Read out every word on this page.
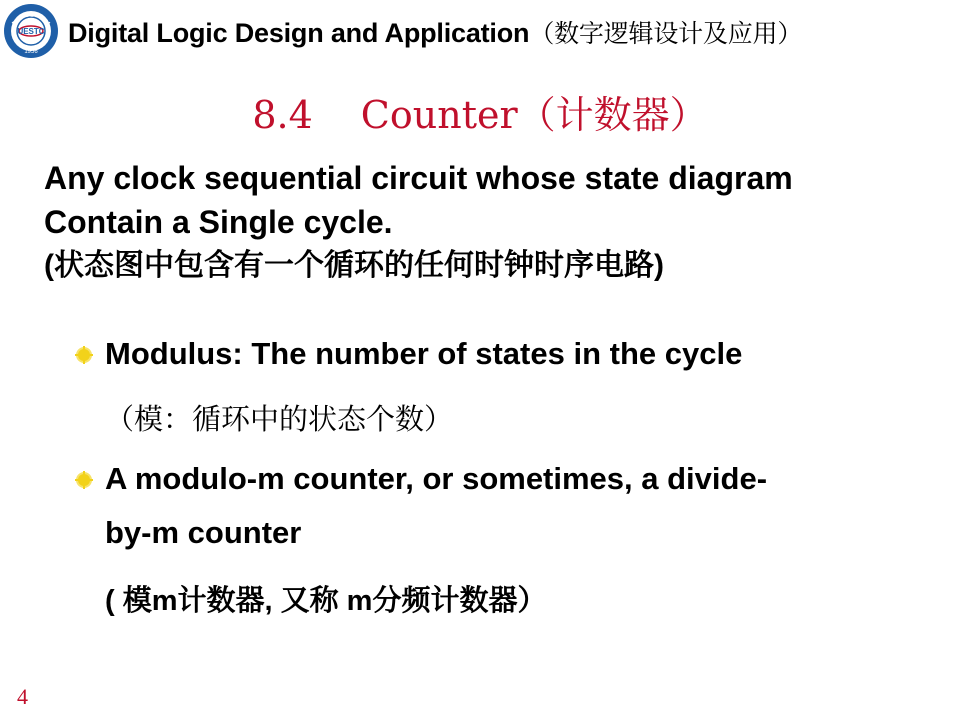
UESTC
1956
Digital Logic Design and Application（数字逻辑设计及应用）
8.4 Counter（计数器）
Any clock sequential circuit whose state diagram
Contain a Single cycle.
(状态图中包含有一个循环的任何时钟时序电路)
Modulus: The number of states in the cycle
（模：循环中的状态个数）
A modulo-m counter, or sometimes, a divide-
by-m counter
( 模m计数器, 又称 m分频计数器）
4
